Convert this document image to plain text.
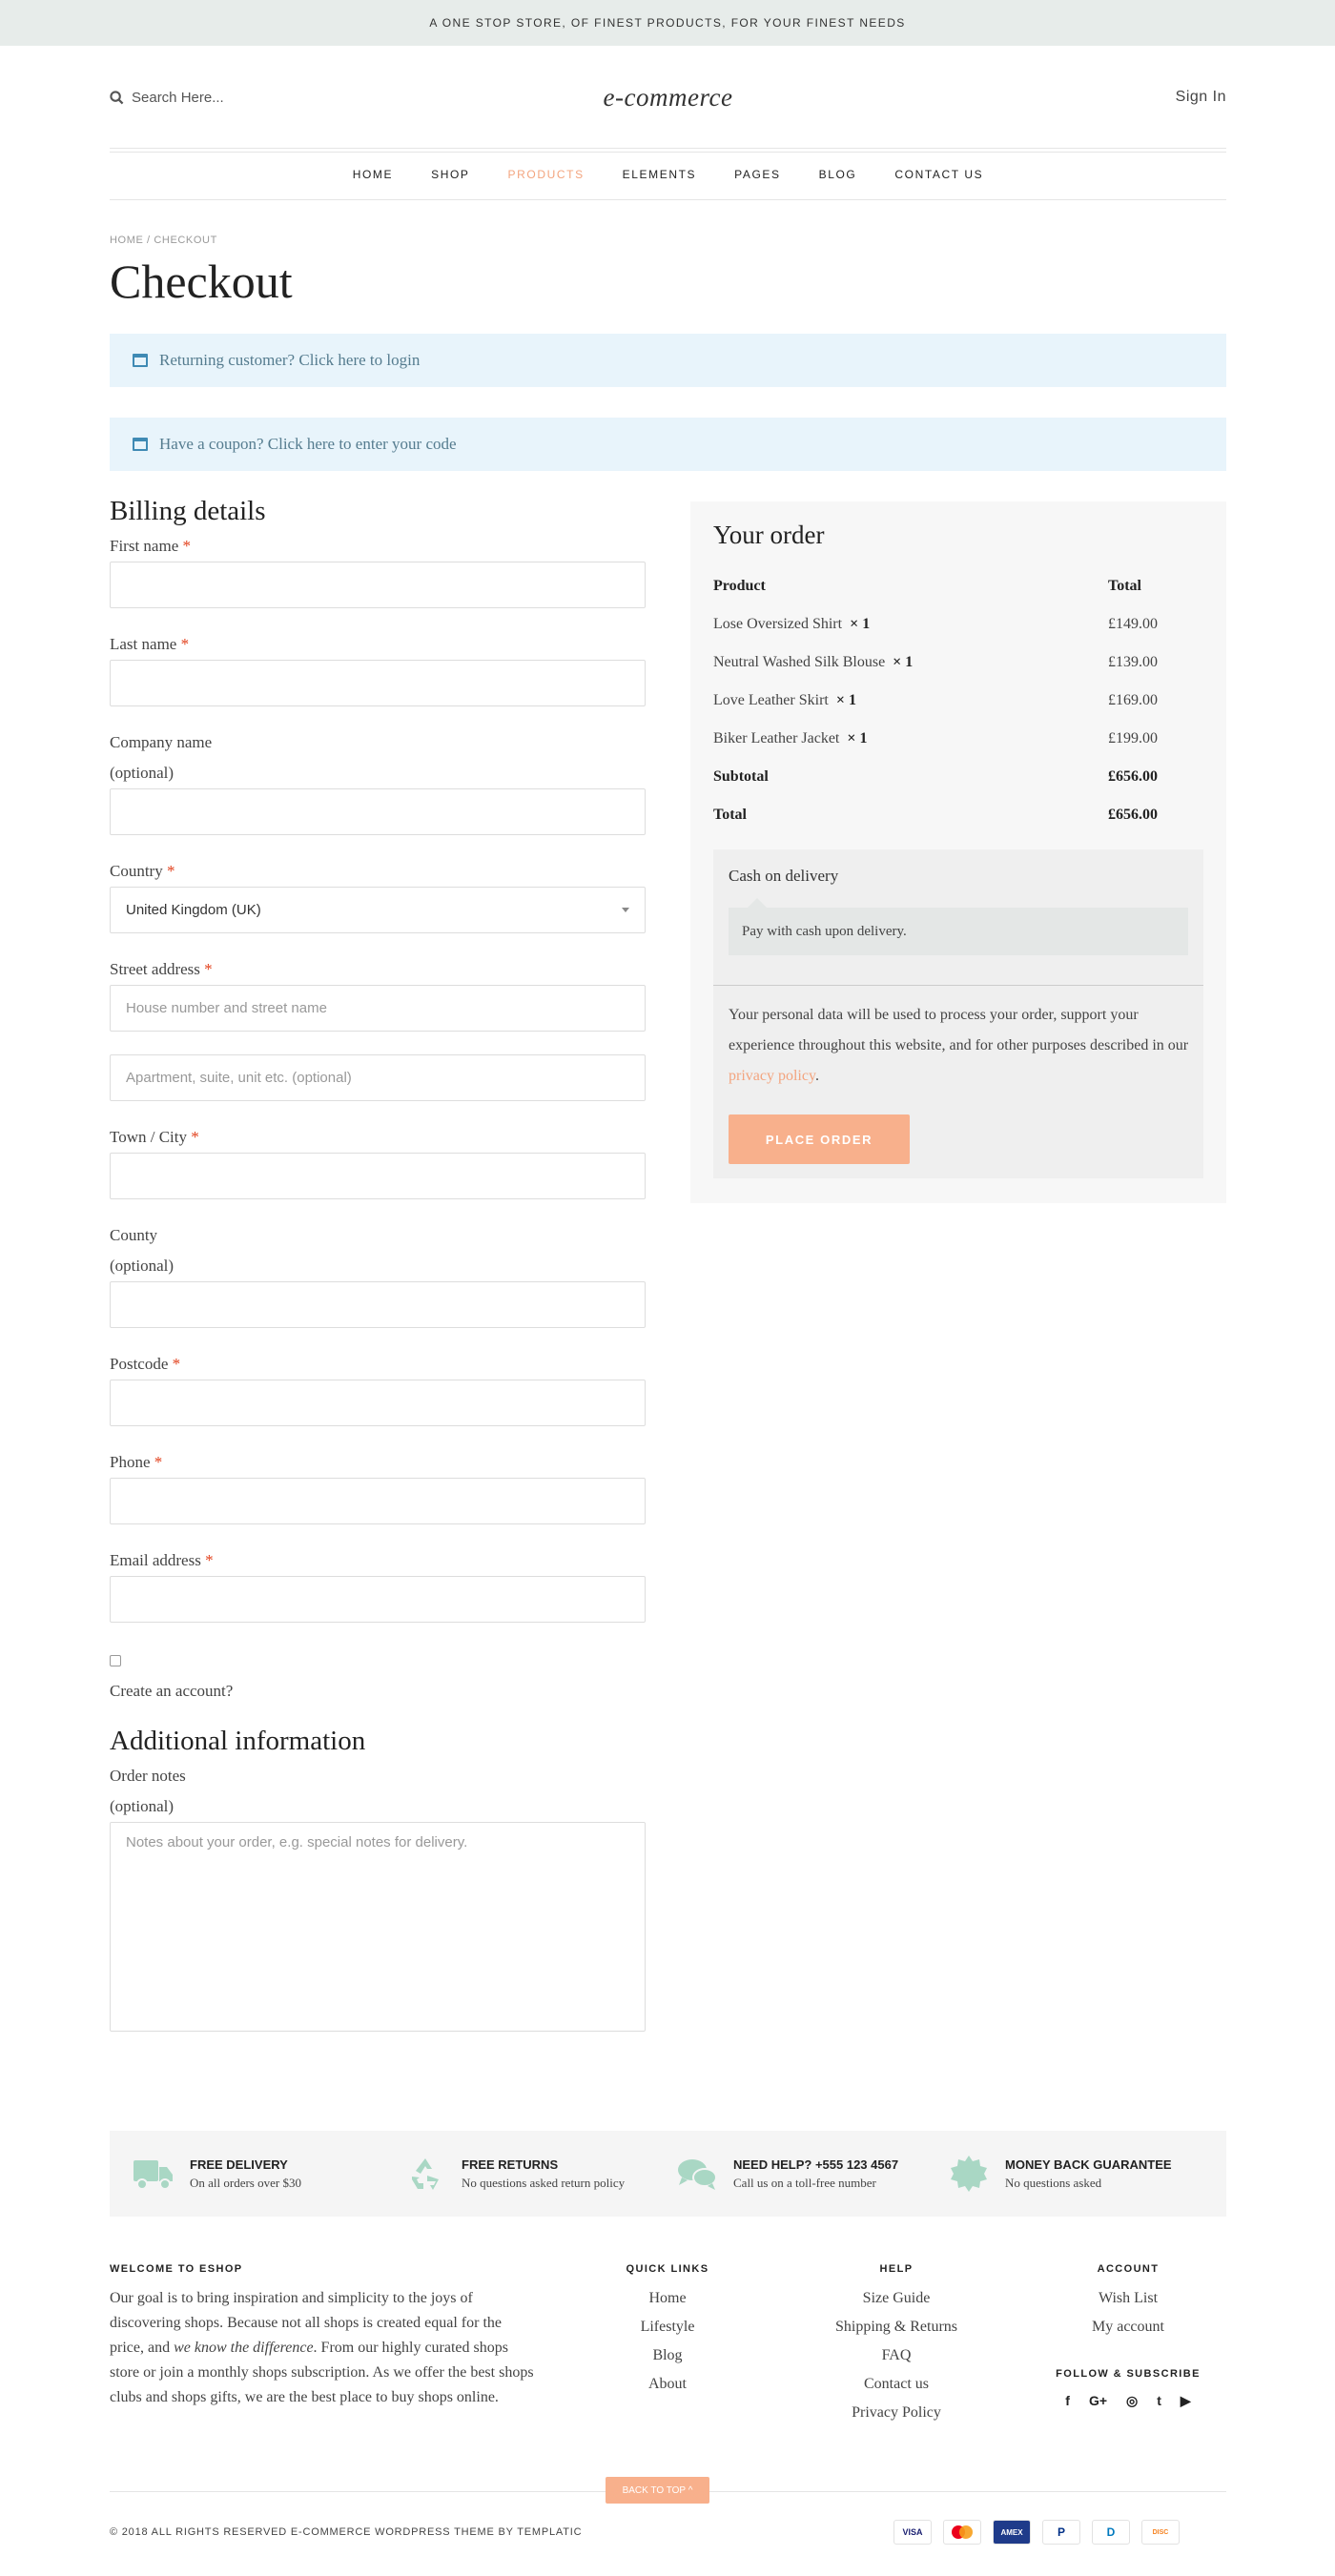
A ONE STOP STORE, OF FINEST PRODUCTS, FOR YOUR FINEST NEEDS
Search Here...	e-commerce	Sign In
HOME	SHOP	PRODUCTS	ELEMENTS	PAGES	BLOG	CONTACT US
HOME / CHECKOUT
Checkout
Returning customer? Click here to login
Have a coupon? Click here to enter your code
Billing details
First name *
Last name *
Company name
(optional)
Country *
United Kingdom (UK)
Street address *
House number and street name
Apartment, suite, unit etc. (optional)
Town / City *
County
(optional)
Postcode *
Phone *
Email address *
Create an account?
Additional information
Order notes
(optional)
Notes about your order, e.g. special notes for delivery.
Your order
Product	Total
Lose Oversized Shirt × 1	£149.00
Neutral Washed Silk Blouse × 1	£139.00
Love Leather Skirt × 1	£169.00
Biker Leather Jacket × 1	£199.00
Subtotal	£656.00
Total	£656.00
Cash on delivery
Pay with cash upon delivery.
Your personal data will be used to process your order, support your experience throughout this website, and for other purposes described in our privacy policy.
PLACE ORDER
FREE DELIVERY
On all orders over $30
FREE RETURNS
No questions asked return policy
NEED HELP? +555 123 4567
Call us on a toll-free number
MONEY BACK GUARANTEE
No questions asked
WELCOME TO ESHOP

Our goal is to bring inspiration and simplicity to the joys of discovering shops. Because not all shops is created equal for the price, and we know the difference. From our highly curated shops store or join a monthly shops subscription. As we offer the best shops clubs and shops gifts, we are the best place to buy shops online.

QUICK LINKS
Home
Lifestyle
Blog
About
HELP
Size Guide
Shipping & Returns
FAQ
Contact us
Privacy Policy
ACCOUNT
Wish List
My account
FOLLOW & SUBSCRIBE
f G+ ◎ t ▶
BACK TO TOP ^
© 2018 ALL RIGHTS RESERVED E-COMMERCE WORDPRESS THEME BY TEMPLATIC	VISA	AMEX	P	D	DISC
